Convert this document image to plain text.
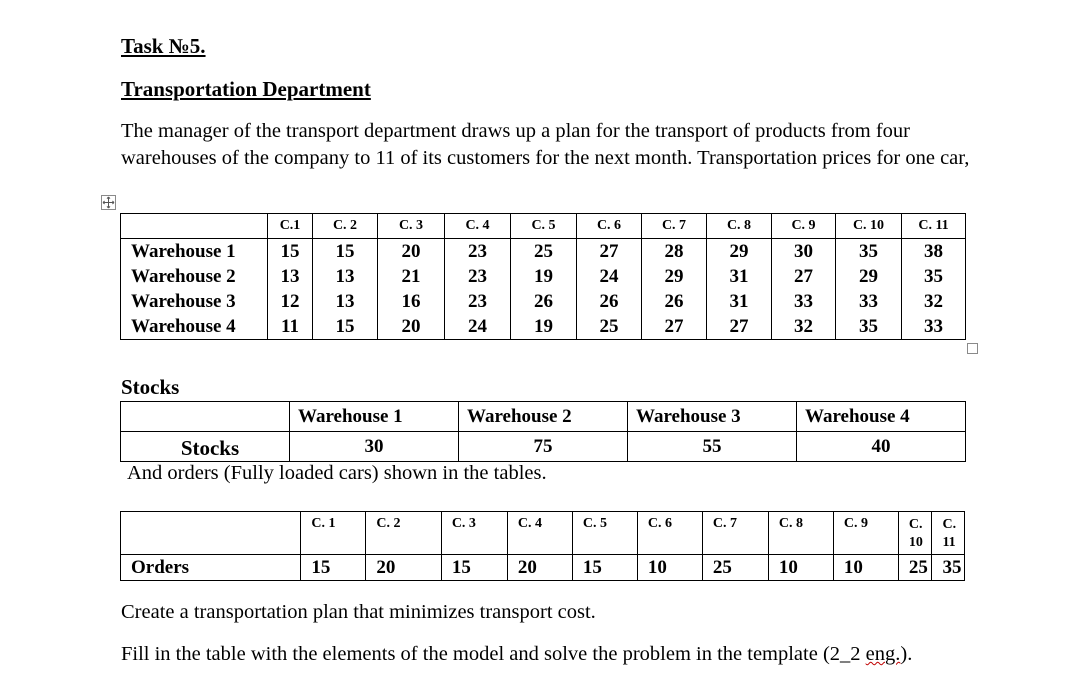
Task №5.
Transportation Department
The manager of the transport department draws up a plan for the transport of products from four warehouses of the company to 11 of its customers for the next month. Transportation prices for one car,
	C.1	C. 2	C. 3	C. 4	C. 5	C. 6	C. 7	C. 8	C. 9	C. 10	C. 11
Warehouse 1	15	15	20	23	25	27	28	29	30	35	38
Warehouse 2	13	13	21	23	19	24	29	31	27	29	35
Warehouse 3	12	13	16	23	26	26	26	31	33	33	32
Warehouse 4	11	15	20	24	19	25	27	27	32	35	33
Stocks
	Warehouse 1	Warehouse 2	Warehouse 3	Warehouse 4
Stocks	30	75	55	40
And orders (Fully loaded cars) shown in the tables.
	C. 1	C. 2	C. 3	C. 4	C. 5	C. 6	C. 7	C. 8	C. 9	C. 10	C. 11
Orders	15	20	15	20	15	10	25	10	10	25	35
Create a transportation plan that minimizes transport cost.
Fill in the table with the elements of the model and solve the problem in the template (2_2 eng.).
